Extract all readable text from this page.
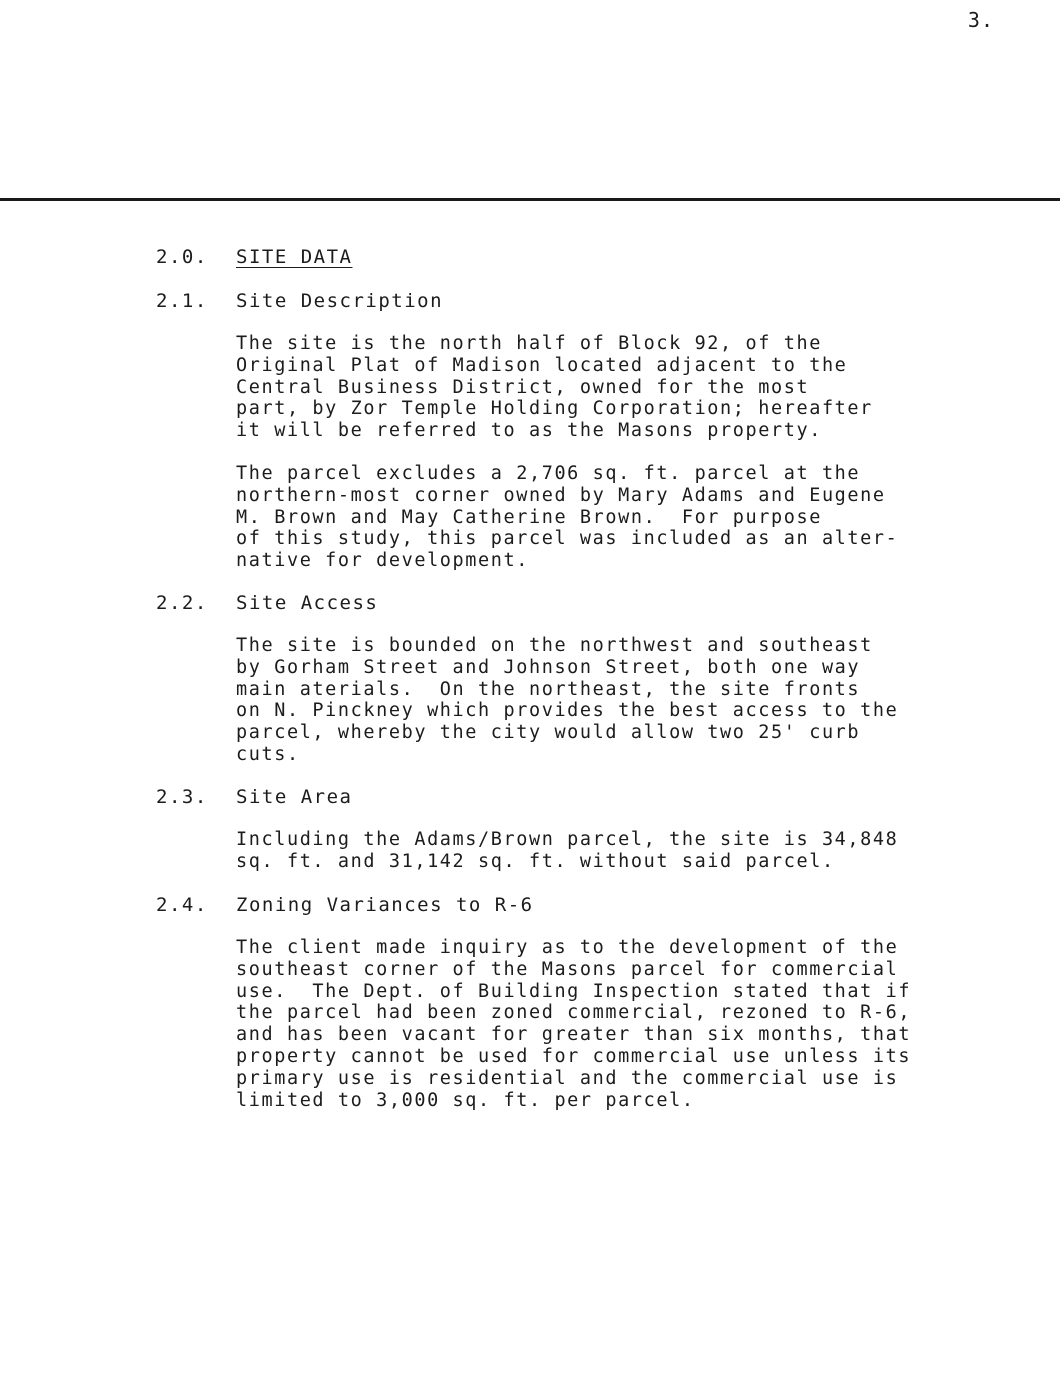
3.
2.0. SITE DATA
2.1. Site Description

The site is the north half of Block 92, of the
Original Plat of Madison located adjacent to the
Central Business District, owned for the most
part, by Zor Temple Holding Corporation; hereafter
it will be referred to as the Masons property.

The parcel excludes a 2,706 sq. ft. parcel at the
northern-most corner owned by Mary Adams and Eugene
M. Brown and May Catherine Brown.  For purpose
of this study, this parcel was included as an alter-
native for development.

2.2. Site Access

The site is bounded on the northwest and southeast
by Gorham Street and Johnson Street, both one way
main aterials.  On the northeast, the site fronts
on N. Pinckney which provides the best access to the
parcel, whereby the city would allow two 25' curb
cuts.

2.3. Site Area

Including the Adams/Brown parcel, the site is 34,848
sq. ft. and 31,142 sq. ft. without said parcel.

2.4. Zoning Variances to R-6

The client made inquiry as to the development of the
southeast corner of the Masons parcel for commercial
use.  The Dept. of Building Inspection stated that if
the parcel had been zoned commercial, rezoned to R-6,
and has been vacant for greater than six months, that
property cannot be used for commercial use unless its
primary use is residential and the commercial use is
limited to 3,000 sq. ft. per parcel.
